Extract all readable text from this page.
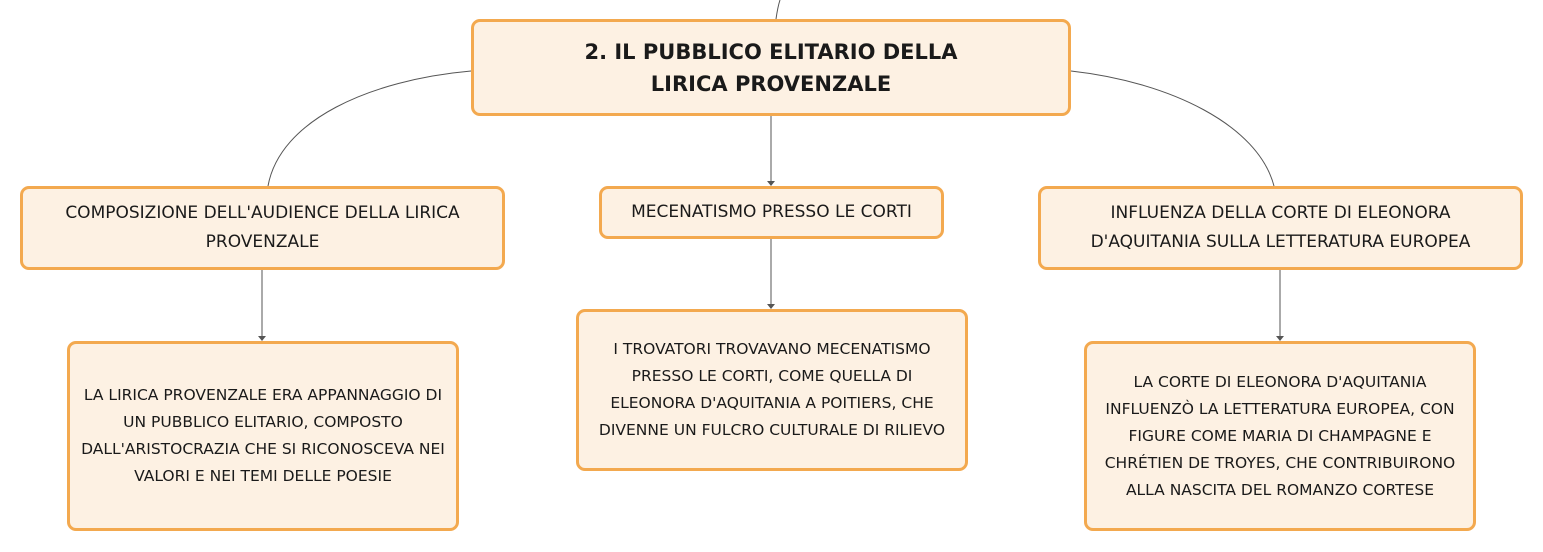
2. IL PUBBLICO ELITARIO DELLA LIRICA PROVENZALE
COMPOSIZIONE DELL'AUDIENCE DELLA LIRICA PROVENZALE
MECENATISMO PRESSO LE CORTI	INFLUENZA DELLA CORTE DI ELEONORA D'AQUITANIA SULLA LETTERATURA EUROPEA
LA LIRICA PROVENZALE ERA APPANNAGGIO DI UN PUBBLICO ELITARIO, COMPOSTO DALL'ARISTOCRAZIA CHE SI RICONOSCEVA NEI VALORI E NEI TEMI DELLE POESIE
I TROVATORI TROVAVANO MECENATISMO PRESSO LE CORTI, COME QUELLA DI ELEONORA D'AQUITANIA A POITIERS, CHE DIVENNE UN FULCRO CULTURALE DI RILIEVO
LA CORTE DI ELEONORA D'AQUITANIA INFLUENZÒ LA LETTERATURA EUROPEA, CON FIGURE COME MARIA DI CHAMPAGNE E CHRÉTIEN DE TROYES, CHE CONTRIBUIRONO ALLA NASCITA DEL ROMANZO CORTESE
